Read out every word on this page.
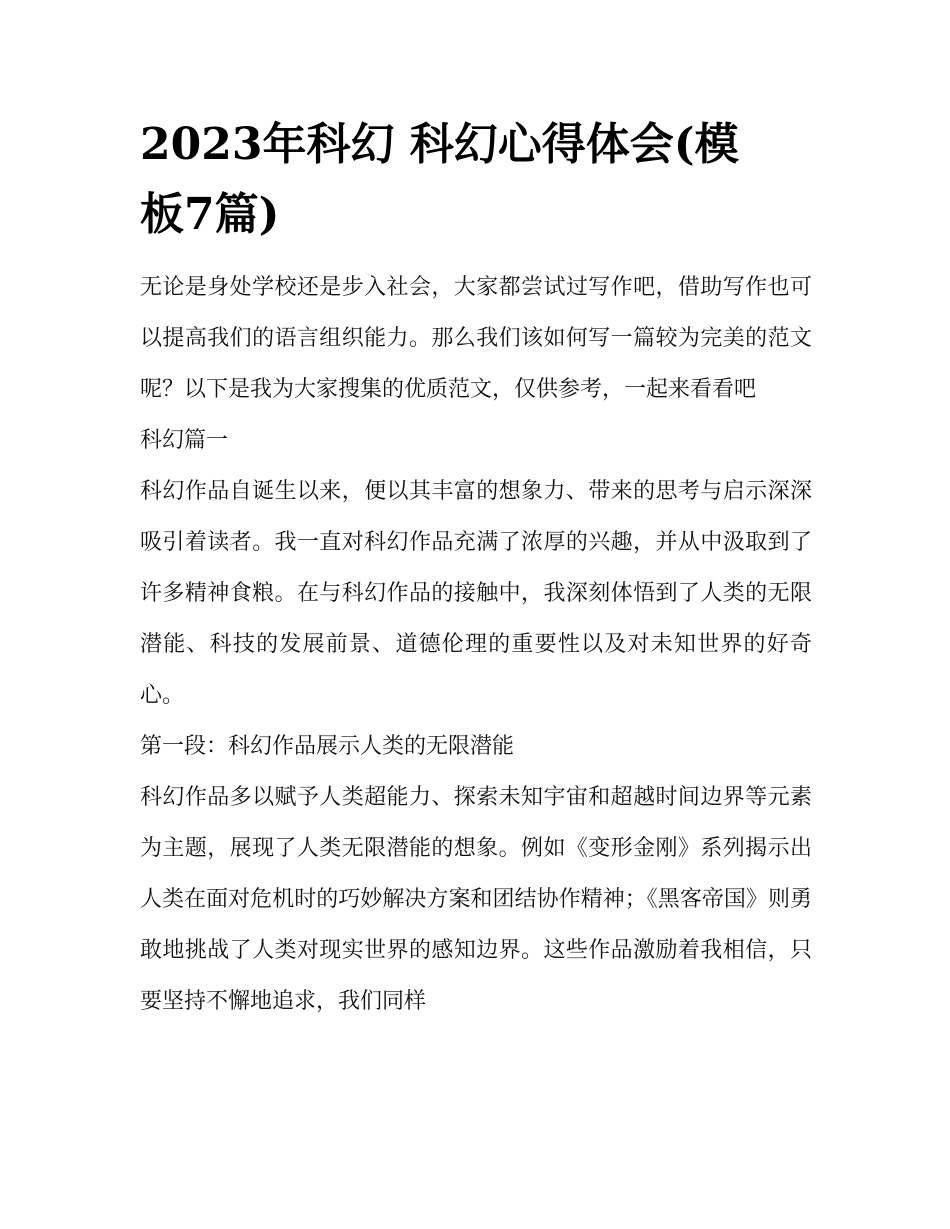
2023年科幻 科幻心得体会(模
板7篇)

无论是身处学校还是步入社会，大家都尝试过写作吧，借助写作也可以提高我们的语言组织能力。那么我们该如何写一篇较为完美的范文呢？以下是我为大家搜集的优质范文，仅供参考，一起来看看吧

科幻篇一

科幻作品自诞生以来，便以其丰富的想象力、带来的思考与启示深深吸引着读者。我一直对科幻作品充满了浓厚的兴趣，并从中汲取到了许多精神食粮。在与科幻作品的接触中，我深刻体悟到了人类的无限潜能、科技的发展前景、道德伦理的重要性以及对未知世界的好奇心。

第一段：科幻作品展示人类的无限潜能

科幻作品多以赋予人类超能力、探索未知宇宙和超越时间边界等元素为主题，展现了人类无限潜能的想象。例如《变形金刚》系列揭示出人类在面对危机时的巧妙解决方案和团结协作精神；《黑客帝国》则勇敢地挑战了人类对现实世界的感知边界。这些作品激励着我相信，只要坚持不懈地追求，我们同样
